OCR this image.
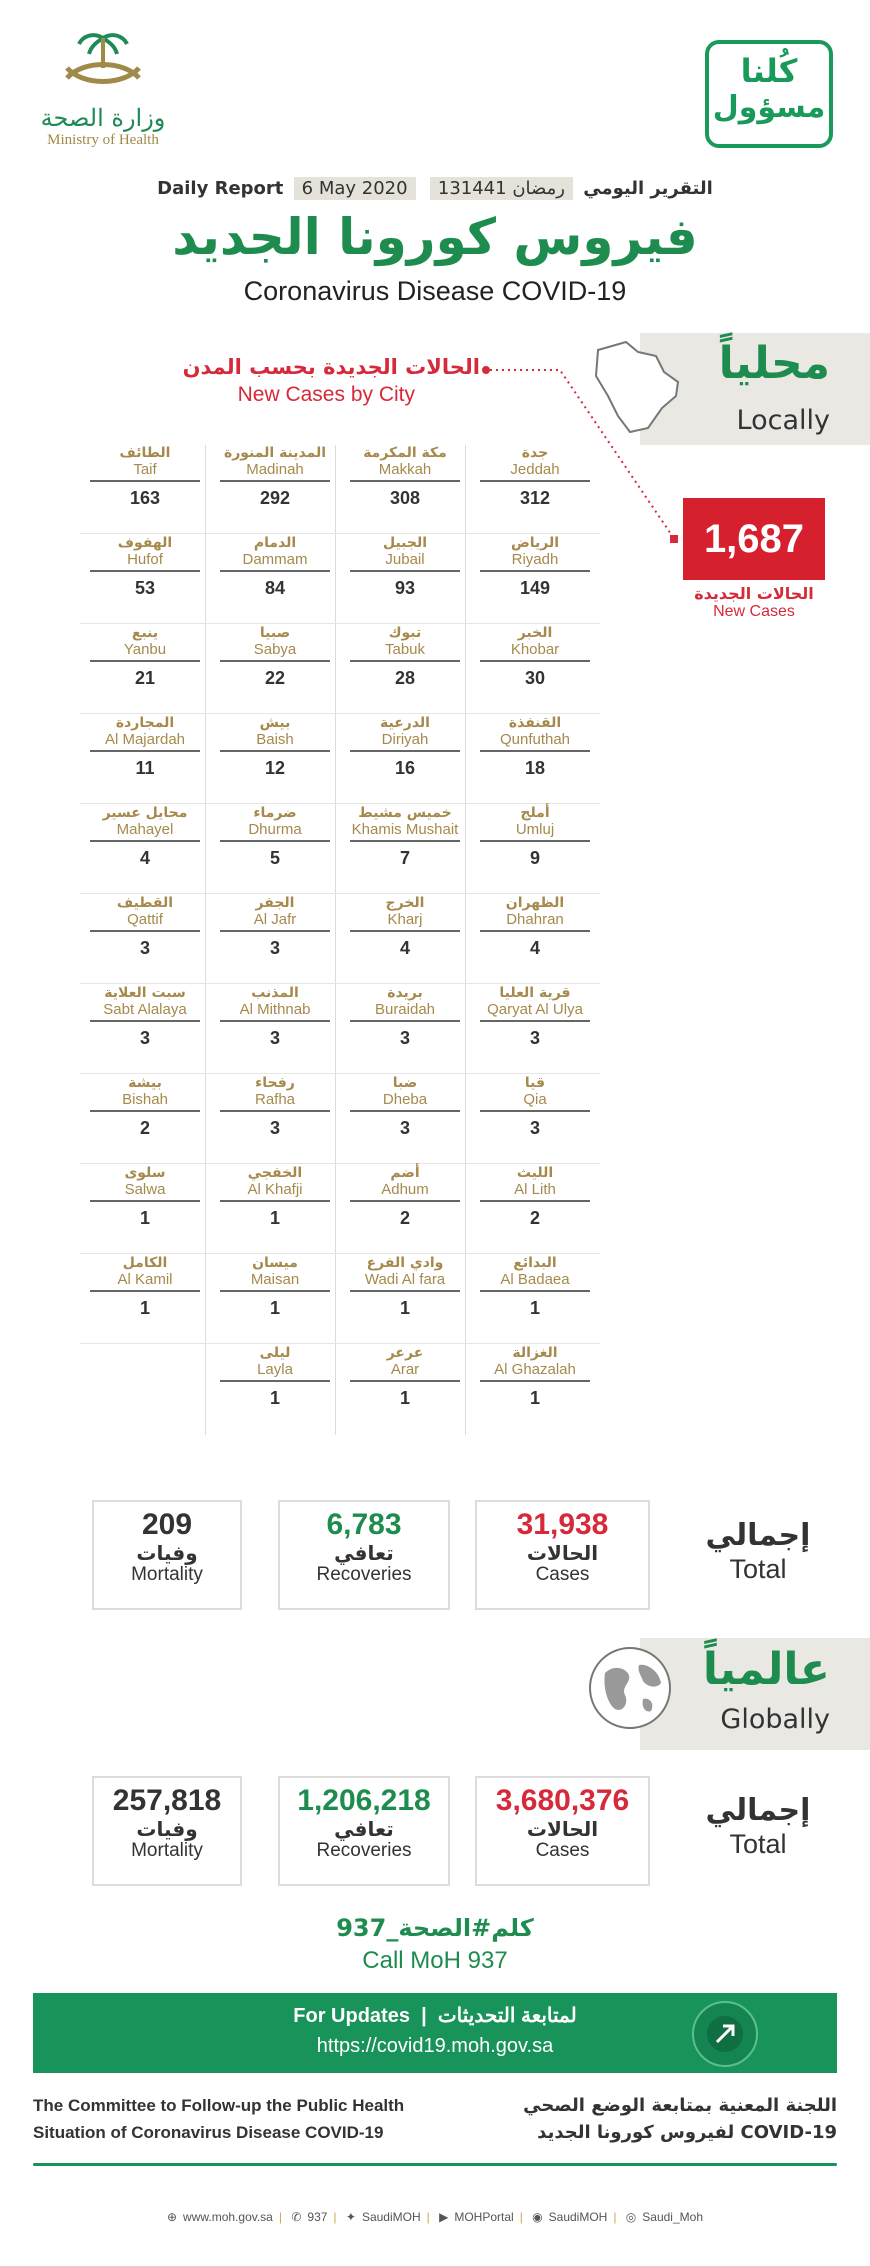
وزارة الصحة
Ministry of Health
كُلنا
مسؤول
Daily Report 6 May 2020 13رمضان 1441 التقرير اليومي
فيروس كورونا الجديد
Coronavirus Disease COVID-19
محلياً
Locally
الحالات الجديدة بحسب المدن
New Cases by City
1,687
الحالات الجديدة
New Cases
جدة
Jeddah
312
مكة المكرمة
Makkah
308
المدينة المنورة
Madinah
292
الطائف
Taif
163
الرياض
Riyadh
149
الجبيل
Jubail
93
الدمام
Dammam
84
الهفوف
Hufof
53
الخبر
Khobar
30
تبوك
Tabuk
28
صبيا
Sabya
22
ينبع
Yanbu
21
القنفذة
Qunfuthah
18
الدرعية
Diriyah
16
بيش
Baish
12
المجاردة
Al Majardah
11
أملج
Umluj
9
خميس مشيط
Khamis Mushait
7
ضرماء
Dhurma
5
محايل عسير
Mahayel
4
الظهران
Dhahran
4
الخرج
Kharj
4
الجفر
Al Jafr
3
القطيف
Qattif
3
قرية العليا
Qaryat Al Ulya
3
بريدة
Buraidah
3
المذنب
Al Mithnab
3
سبت العلاية
Sabt Alalaya
3
قيا
Qia
3
ضبا
Dheba
3
رفحاء
Rafha
3
بيشة
Bishah
2
الليث
Al Lith
2
أضم
Adhum
2
الخفجي
Al Khafji
1
سلوى
Salwa
1
البدائع
Al Badaea
1
وادي الفرع
Wadi Al fara
1
ميسان
Maisan
1
الكامل
Al Kamil
1
الغزالة
Al Ghazalah
1
عرعر
Arar
1
ليلى
Layla
1
إجمالي
Total
31,938
الحالات
Cases
6,783
تعافي
Recoveries
209
وفيات
Mortality
عالمياً
Globally
إجمالي
Total
3,680,376
الحالات
Cases
1,206,218
تعافي
Recoveries
257,818
وفيات
Mortality
كلم#الصحة_937
Call MoH 937
For Updates  |  لمتابعة التحديثات
https://covid19.moh.gov.sa
The Committee to Follow-up the Public Health
Situation of Coronavirus Disease COVID-19
اللجنة المعنية بمتابعة الوضع الصحي
لفيروس كورونا الجديد COVID-19
⊕ www.moh.gov.sa | ✆ 937 | ✦ SaudiMOH | ▶ MOHPortal | ◉ SaudiMOH | ◎ Saudi_Moh
